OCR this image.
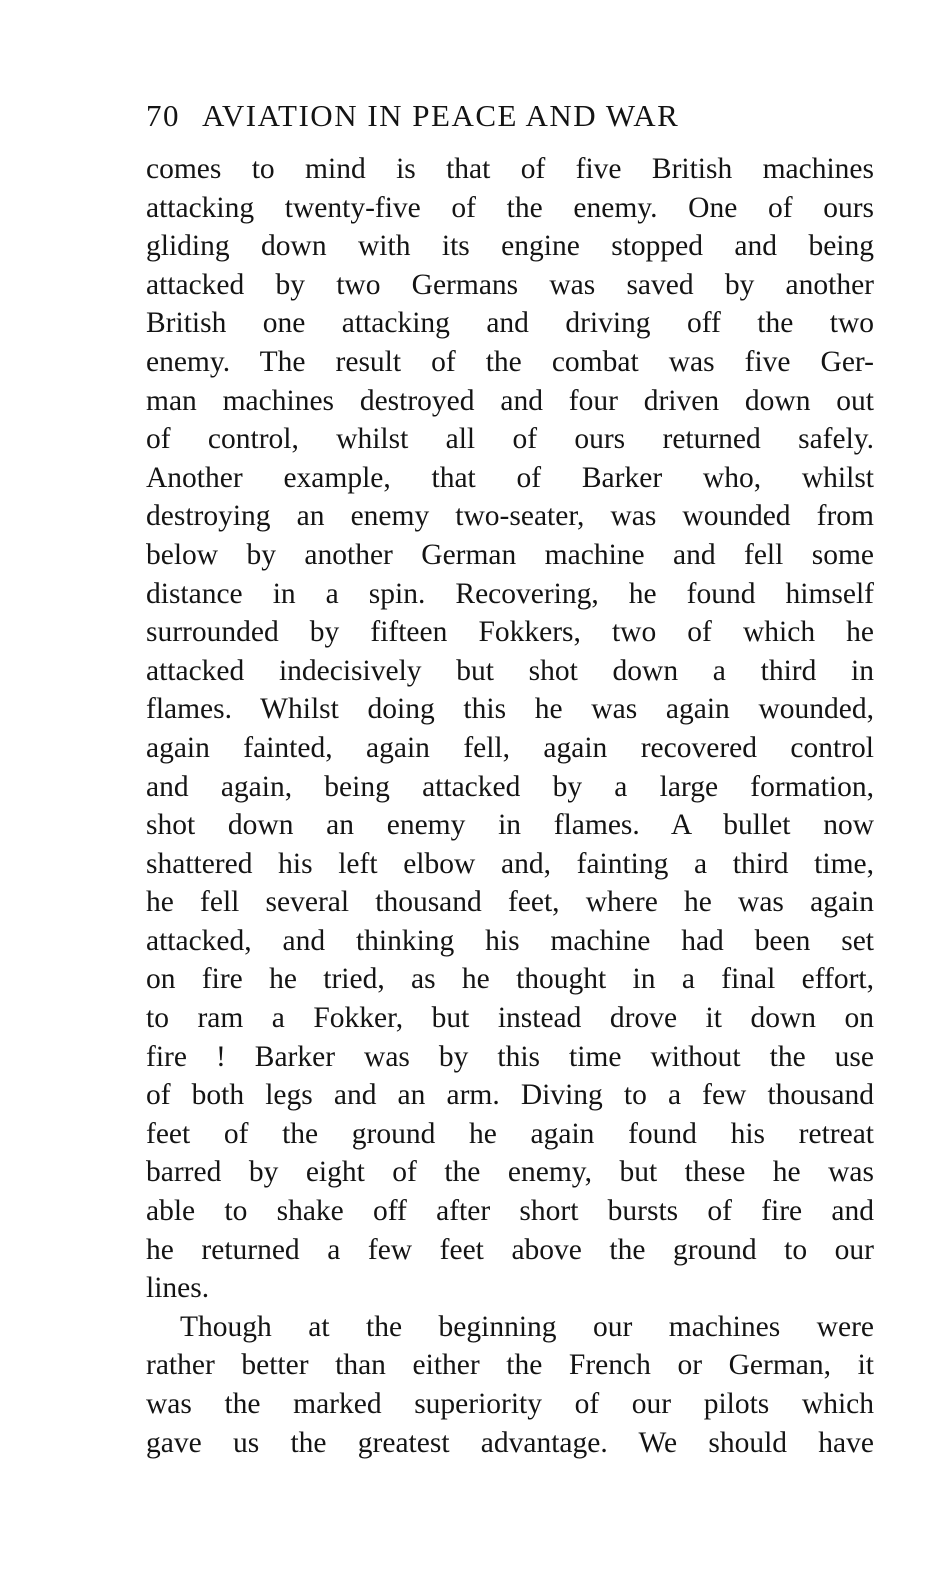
70 AVIATION IN PEACE AND WAR
comes to mind is that of five British machines
attacking twenty-five of the enemy. One of ours
gliding down with its engine stopped and being
attacked by two Germans was saved by another
British one attacking and driving off the two
enemy. The result of the combat was five Ger-
man machines destroyed and four driven down out
of control, whilst all of ours returned safely.
Another example, that of Barker who, whilst
destroying an enemy two-seater, was wounded from
below by another German machine and fell some
distance in a spin. Recovering, he found himself
surrounded by fifteen Fokkers, two of which he
attacked indecisively but shot down a third in
flames. Whilst doing this he was again wounded,
again fainted, again fell, again recovered control
and again, being attacked by a large formation,
shot down an enemy in flames. A bullet now
shattered his left elbow and, fainting a third time,
he fell several thousand feet, where he was again
attacked, and thinking his machine had been set
on fire he tried, as he thought in a final effort,
to ram a Fokker, but instead drove it down on
fire ! Barker was by this time without the use
of both legs and an arm. Diving to a few thousand
feet of the ground he again found his retreat
barred by eight of the enemy, but these he was
able to shake off after short bursts of fire and
he returned a few feet above the ground to our
lines.
Though at the beginning our machines were
rather better than either the French or German, it
was the marked superiority of our pilots which
gave us the greatest advantage. We should have
